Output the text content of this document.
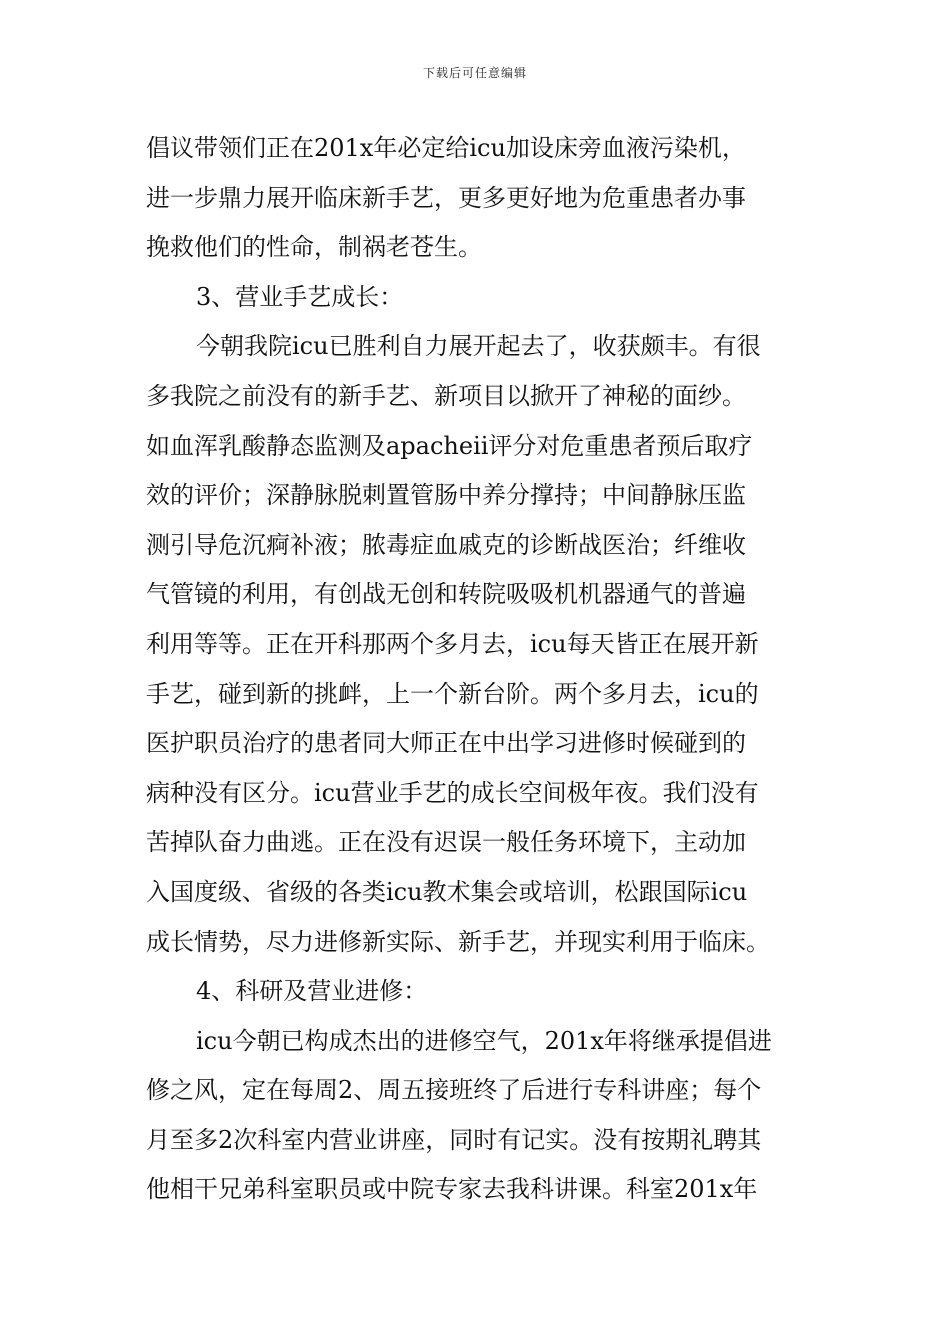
下载后可任意编辑
倡议带领们正在201x年必定给icu加设床旁血液污染机，
进一步鼎力展开临床新手艺，更多更好地为危重患者办事
挽救他们的性命，制祸老苍生。
3、营业手艺成长：
今朝我院icu已胜利自力展开起去了，收获颇丰。有很
多我院之前没有的新手艺、新项目以掀开了神秘的面纱。
如血浑乳酸静态监测及apacheⅱ评分对危重患者预后取疗
效的评价；深静脉脱刺置管肠中养分撑持；中间静脉压监
测引导危沉痾补液；脓毒症血戚克的诊断战医治；纤维收
气管镜的利用，有创战无创和转院吸吸机机器通气的普遍
利用等等。正在开科那两个多月去，icu每天皆正在展开新
手艺，碰到新的挑衅，上一个新台阶。两个多月去，icu的
医护职员治疗的患者同大师正在中出学习进修时候碰到的
病种没有区分。icu营业手艺的成长空间极年夜。我们没有
苦掉队奋力曲逃。正在没有迟误一般任务环境下，主动加
入国度级、省级的各类icu教术集会或培训，松跟国际icu
成长情势，尽力进修新实际、新手艺，并现实利用于临床。
4、科研及营业进修：
icu今朝已构成杰出的进修空气，201x年将继承提倡进
修之风，定在每周2、周五接班终了后进行专科讲座；每个
月至多2次科室内营业讲座，同时有记实。没有按期礼聘其
他相干兄弟科室职员或中院专家去我科讲课。科室201x年
